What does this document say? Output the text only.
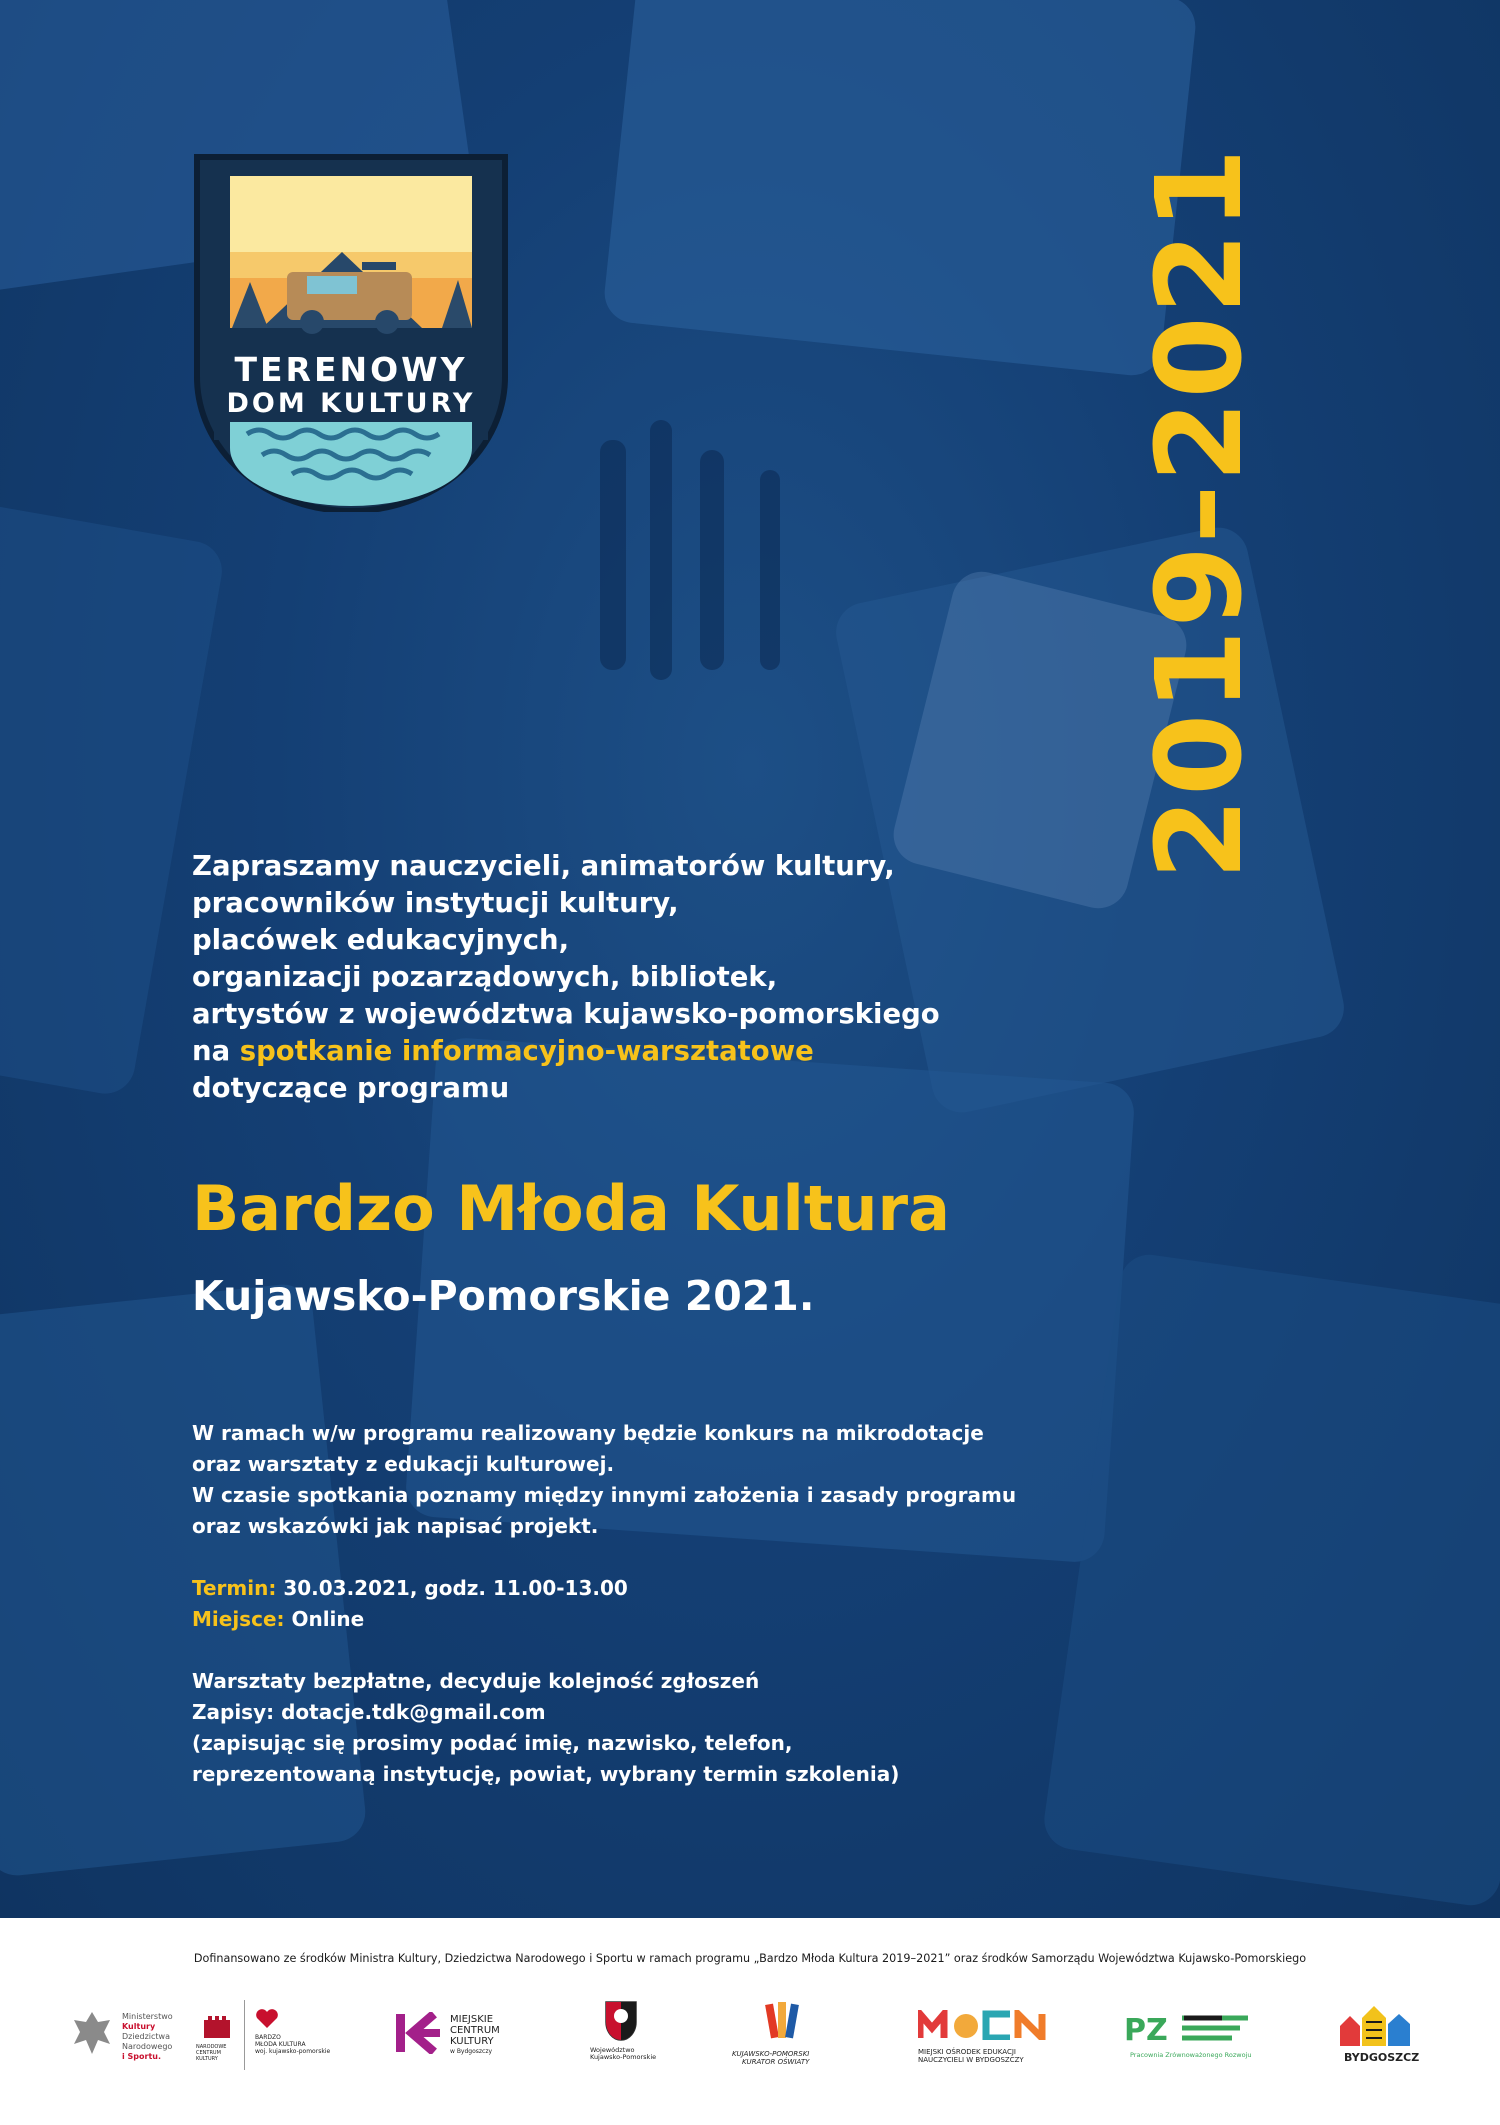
TERENOWY
DOM KULTURY	2019–2021
Zapraszamy nauczycieli, animatorów kultury,
pracowników instytucji kultury,
placówek edukacyjnych,
organizacji pozarządowych, bibliotek,
artystów z województwa kujawsko-pomorskiego
na spotkanie informacyjno-warsztatowe
dotyczące programu
Bardzo Młoda Kultura
Kujawsko-Pomorskie 2021.
W ramach w/w programu realizowany będzie konkurs na mikrodotacje
oraz warsztaty z edukacji kulturowej.
W czasie spotkania poznamy między innymi założenia i zasady programu
oraz wskazówki jak napisać projekt.
Termin: 30.03.2021, godz. 11.00-13.00
Miejsce: Online
Warsztaty bezpłatne, decyduje kolejność zgłoszeń
Zapisy: dotacje.tdk@gmail.com
(zapisując się prosimy podać imię, nazwisko, telefon,
reprezentowaną instytucję, powiat, wybrany termin szkolenia)
Dofinansowano ze środków Ministra Kultury, Dziedzictwa Narodowego i Sportu w ramach programu „Bardzo Młoda Kultura 2019–2021” oraz środków Samorządu Województwa Kujawsko-Pomorskiego
Ministerstwo
Kultury
Dziedzictwa
Narodowego
i Sportu.
NARODOWE
CENTRUM
KULTURY
BARDZO
MŁODA KULTURA
woj. kujawsko-pomorskie
MIEJSKIE
CENTRUM
KULTURY
w Bydgoszczy	Województwo
Kujawsko-Pomorskie	KUJAWSKO-POMORSKI
KURATOR OŚWIATY
MIEJSKI OŚRODEK EDUKACJI
NAUCZYCIELI W BYDGOSZCZY
PZ
Pracownia Zrównoważonego Rozwoju	BYDGOSZCZ
